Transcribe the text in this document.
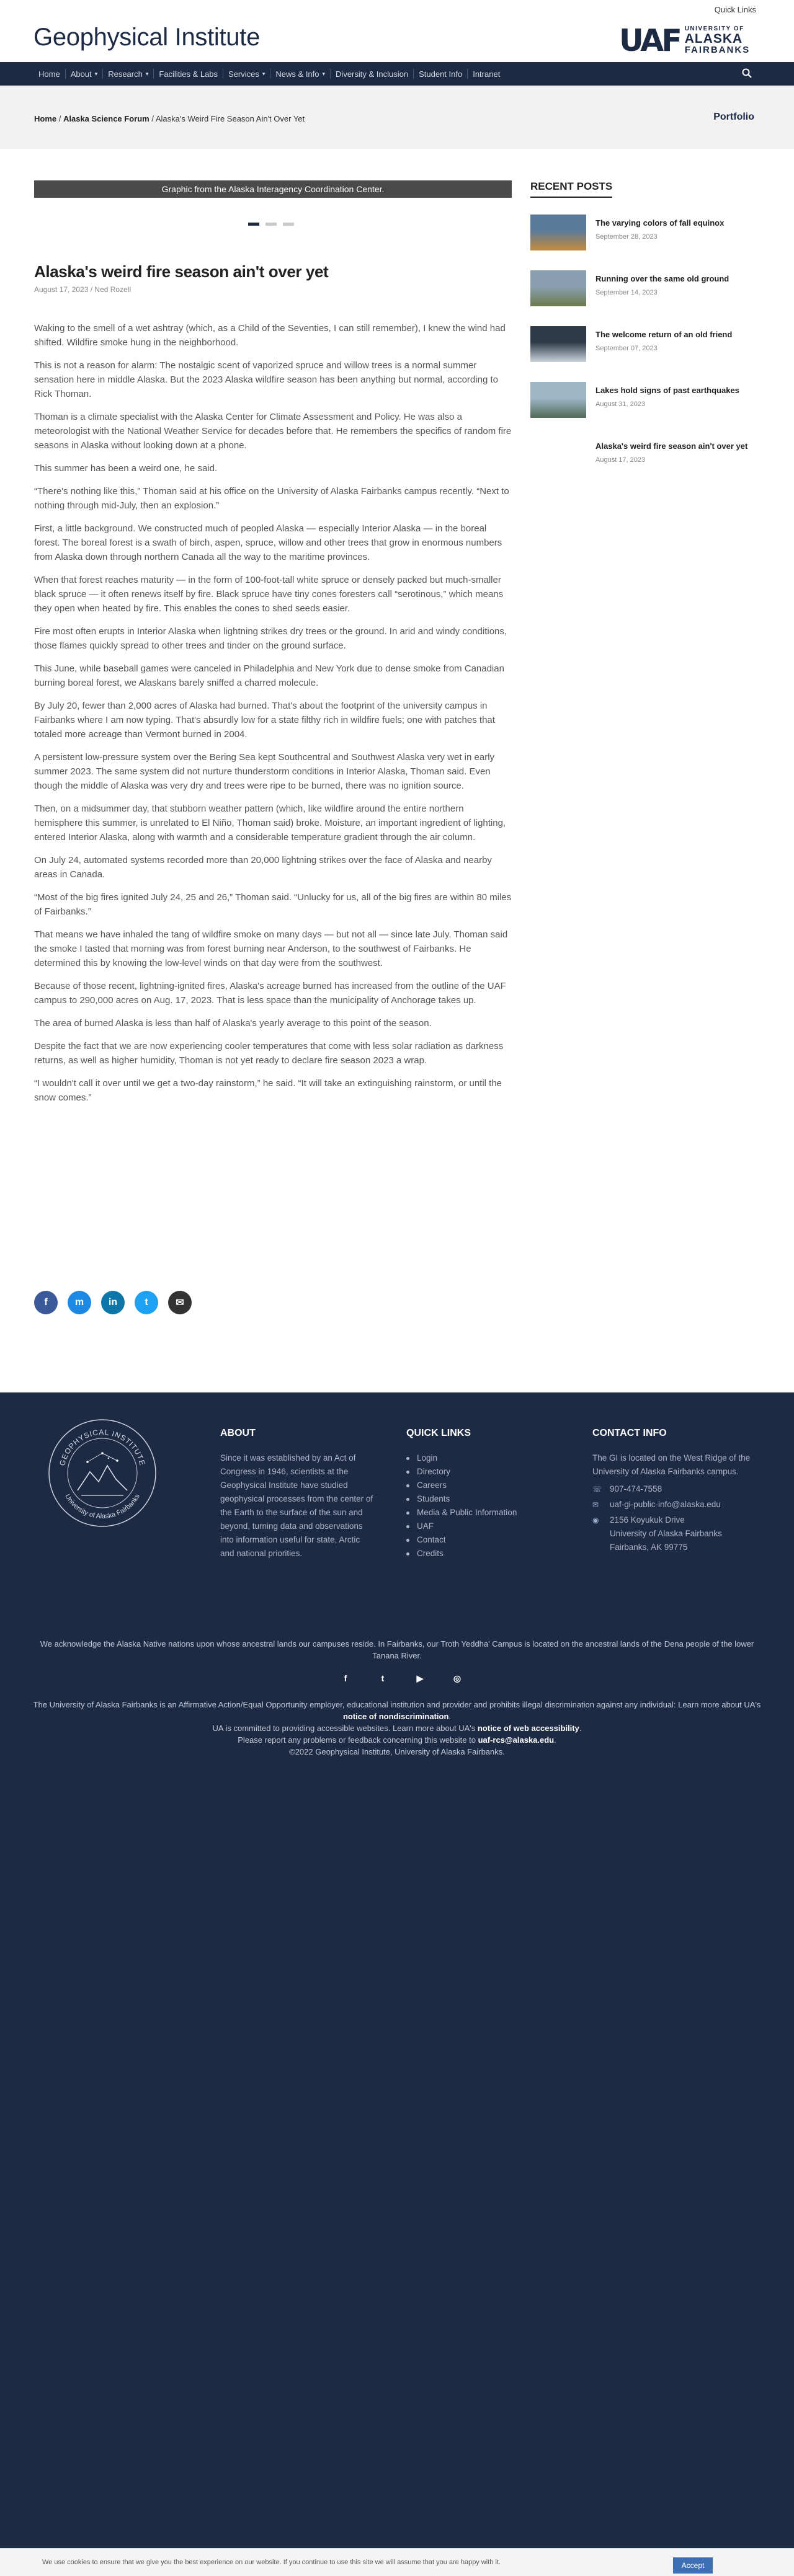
Geophysical Institute
Quick Links
UAF UNIVERSITY OF
ALASKA
FAIRBANKS
Home About ▾ Research ▾ Facilities & Labs Services ▾ News & Info ▾ Diversity & Inclusion Student Info Intranet
Home / Alaska Science Forum / Alaska's Weird Fire Season Ain't Over Yet	Portfolio
Graphic from the Alaska Interagency Coordination Center.
Alaska's weird fire season ain't over yet
August 17, 2023 / Ned Rozell

Waking to the smell of a wet ashtray (which, as a Child of the Seventies, I can still remember), I knew the wind had shifted. Wildfire smoke hung in the neighborhood.

This is not a reason for alarm: The nostalgic scent of vaporized spruce and willow trees is a normal summer sensation here in middle Alaska. But the 2023 Alaska wildfire season has been anything but normal, according to Rick Thoman.

Thoman is a climate specialist with the Alaska Center for Climate Assessment and Policy. He was also a meteorologist with the National Weather Service for decades before that. He remembers the specifics of random fire seasons in Alaska without looking down at a phone.

This summer has been a weird one, he said.

“There's nothing like this,” Thoman said at his office on the University of Alaska Fairbanks campus recently. “Next to nothing through mid-July, then an explosion.”

First, a little background. We constructed much of peopled Alaska — especially Interior Alaska — in the boreal forest. The boreal forest is a swath of birch, aspen, spruce, willow and other trees that grow in enormous numbers from Alaska down through northern Canada all the way to the maritime provinces.

When that forest reaches maturity — in the form of 100-foot-tall white spruce or densely packed but much-smaller black spruce — it often renews itself by fire. Black spruce have tiny cones foresters call “serotinous,” which means they open when heated by fire. This enables the cones to shed seeds easier.

Fire most often erupts in Interior Alaska when lightning strikes dry trees or the ground. In arid and windy conditions, those flames quickly spread to other trees and tinder on the ground surface.

This June, while baseball games were canceled in Philadelphia and New York due to dense smoke from Canadian burning boreal forest, we Alaskans barely sniffed a charred molecule.

By July 20, fewer than 2,000 acres of Alaska had burned. That's about the footprint of the university campus in Fairbanks where I am now typing. That's absurdly low for a state filthy rich in wildfire fuels; one with patches that totaled more acreage than Vermont burned in 2004.

A persistent low-pressure system over the Bering Sea kept Southcentral and Southwest Alaska very wet in early summer 2023. The same system did not nurture thunderstorm conditions in Interior Alaska, Thoman said. Even though the middle of Alaska was very dry and trees were ripe to be burned, there was no ignition source.

Then, on a midsummer day, that stubborn weather pattern (which, like wildfire around the entire northern hemisphere this summer, is unrelated to El Niño, Thoman said) broke. Moisture, an important ingredient of lighting, entered Interior Alaska, along with warmth and a considerable temperature gradient through the air column.

On July 24, automated systems recorded more than 20,000 lightning strikes over the face of Alaska and nearby areas in Canada.

“Most of the big fires ignited July 24, 25 and 26,” Thoman said. “Unlucky for us, all of the big fires are within 80 miles of Fairbanks.”

That means we have inhaled the tang of wildfire smoke on many days — but not all — since late July. Thoman said the smoke I tasted that morning was from forest burning near Anderson, to the southwest of Fairbanks. He determined this by knowing the low-level winds on that day were from the southwest.

Because of those recent, lightning-ignited fires, Alaska's acreage burned has increased from the outline of the UAF campus to 290,000 acres on Aug. 17, 2023. That is less space than the municipality of Anchorage takes up.

The area of burned Alaska is less than half of Alaska's yearly average to this point of the season.

Despite the fact that we are now experiencing cooler temperatures that come with less solar radiation as darkness returns, as well as higher humidity, Thoman is not yet ready to declare fire season 2023 a wrap.

“I wouldn't call it over until we get a two-day rainstorm,” he said. “It will take an extinguishing rainstorm, or until the snow comes.”

f	m	in	t	✉
RECENT POSTS
The varying colors of fall equinox
September 28, 2023
Running over the same old ground
September 14, 2023
The welcome return of an old friend
September 07, 2023
Lakes hold signs of past earthquakes
August 31, 2023
Alaska's weird fire season ain't over yet
August 17, 2023
GEOPHYSICAL INSTITUTE
University of Alaska Fairbanks
ABOUT

Since it was established by an Act of Congress in 1946, scientists at the Geophysical Institute have studied geophysical processes from the center of the Earth to the surface of the sun and beyond, turning data and observations into information useful for state, Arctic and national priorities.

QUICK LINKS
Login
Directory
Careers
Students
Media & Public Information
UAF
Contact
Credits
CONTACT INFO

The GI is located on the West Ridge of the University of Alaska Fairbanks campus.

☏ 907-474-7558
✉ uaf-gi-public-info@alaska.edu
◉ 2156 Koyukuk Drive
University of Alaska Fairbanks
Fairbanks, AK 99775

We acknowledge the Alaska Native nations upon whose ancestral lands our campuses reside. In Fairbanks, our Troth Yeddha' Campus is located on the ancestral lands of the Dena people of the lower Tanana River.

f	t	▶	◎

The University of Alaska Fairbanks is an Affirmative Action/Equal Opportunity employer, educational institution and provider and prohibits illegal discrimination against any individual: Learn more about UA's notice of nondiscrimination.

UA is committed to providing accessible websites. Learn more about UA's notice of web accessibility.

Please report any problems or feedback concerning this website to uaf-rcs@alaska.edu.

©2022 Geophysical Institute, University of Alaska Fairbanks.

We use cookies to ensure that we give you the best experience on our website. If you continue to use this site we will assume that you are happy with it.	Accept
